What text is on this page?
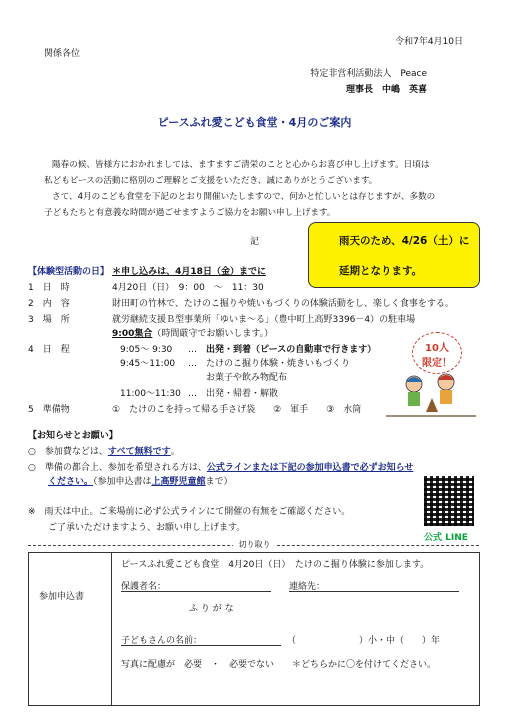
令和7年4月10日
関係各位
特定非営利活動法人　Peace
理事長　中嶋　英喜
ピースふれ愛こども食堂・4月のご案内
陽春の候、皆様方におかれましては、ますますご清栄のことと心からお喜び申し上げます。日頃は
私どもピースの活動に格別のご理解とご支援をいただき、誠にありがとうございます。
さて、4月のこども食堂を下記のとおり開催いたしますので、何かと忙しいとは存じますが、多数の
子どもたちと有意義な時間が過ごせますようご協力をお願い申し上げます。
記	雨天のため、4/26（土）に
延期となります。
【体験型活動の日】 ＊申し込みは、4月18日（金）までに
1　日　時	4月20日（日）　9：00　～　11：30
2　内　容	財田町の竹林で、たけのこ掘りや焼いもづくりの体験活動をし、楽しく食事をする。
3　場　所	就労継続支援Ｂ型事業所「ゆいま～る」（豊中町上高野3396－4）の駐車場
9:00集合（時間厳守でお願いします。）
4　日　程	9:05～ 9:30 …　出発・到着（ピースの自動車で行きます）
9:45～11:00 …　たけのこ掘り体験・焼きいもづくり
お菓子や飲み物配布
11:00～11:30 …　出発・帰着・解散
5　準備物	①　たけのこを持って帰る手さげ袋　　②　軍手　　③　水筒
10人
限定！
【お知らせとお願い】
○　参加費などは、すべて無料です。
○　準備の都合上、参加を希望される方は、公式ラインまたは下記の参加申込書で必ずお知らせ
ください。（参加申込書は上高野児童館まで）
※　雨天は中止。ご来場前に必ず公式ラインにて開催の有無をご確認ください。
ご了承いただけますよう、お願い申し上げます。
公式 LINE
切り取り
参加申込書
ピースふれ愛こども食堂　4月20日（日）　たけのこ掘り体験に参加します。
保護者名：	連絡先：
ふ り が な
子どもさんの名前：	（　　　　　　　）小・中（　　）年
写真に配慮が　必要　・　必要でない　　＊どちらかに〇を付けてください。
